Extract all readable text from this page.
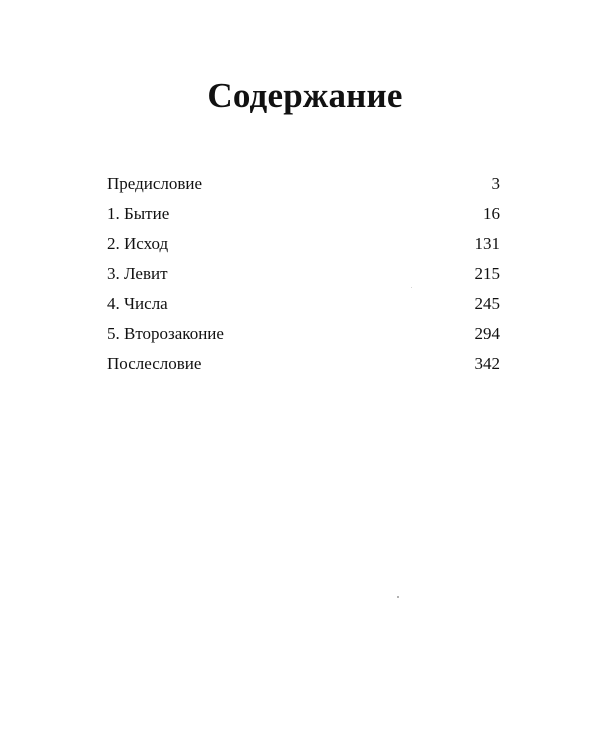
Содержание
Предисловие	3
1. Бытие	16
2. Исход	131
3. Левит	215
4. Числа	245
5. Второзаконие	294
Послесловие	342
